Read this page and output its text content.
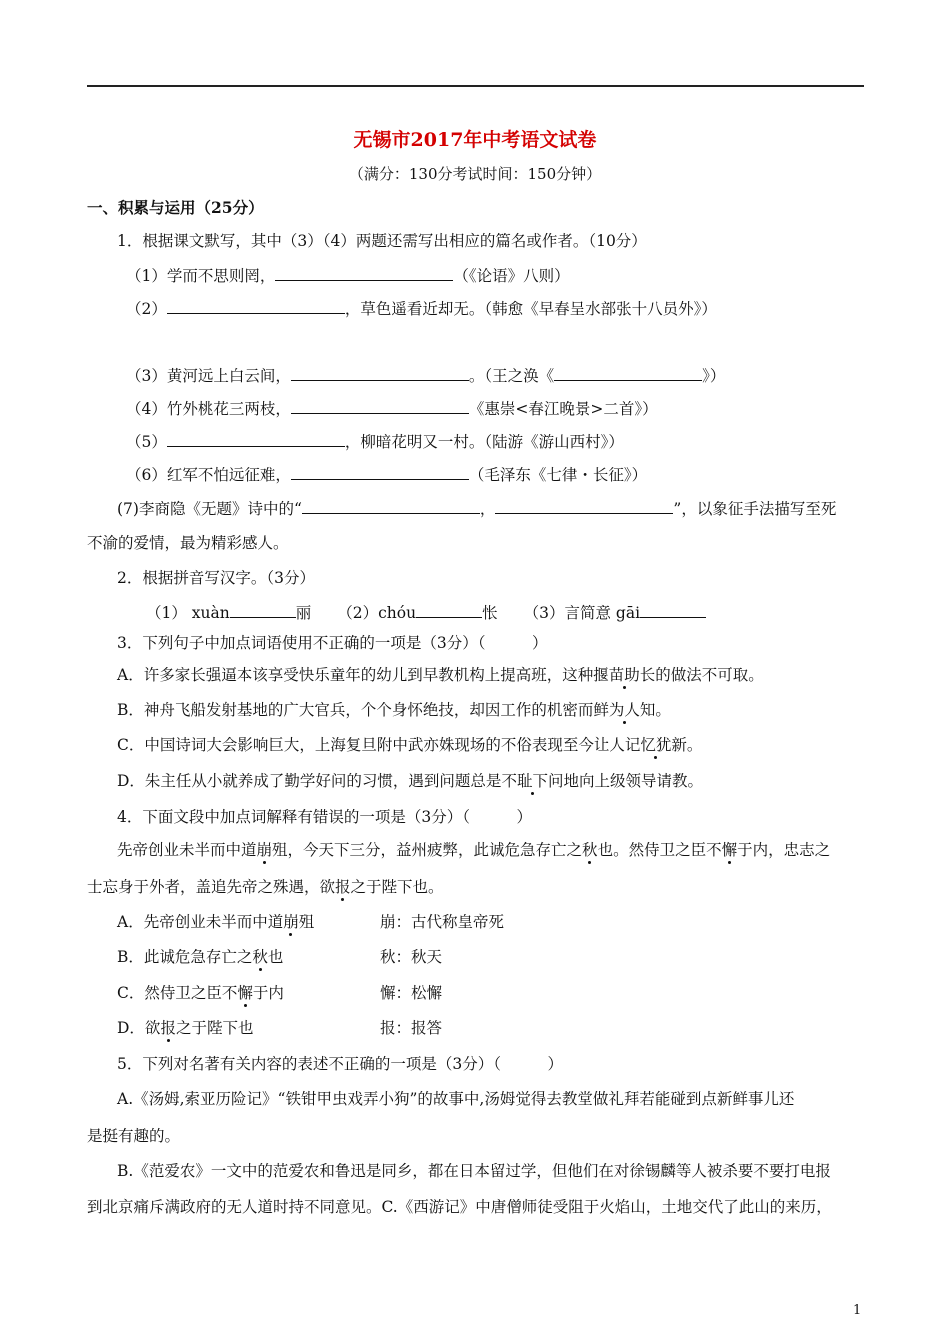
无锡市2017年中考语文试卷
（满分：130分考试时间：150分钟）
一、积累与运用（25分）
1．根据课文默写，其中（3）（4）两题还需写出相应的篇名或作者。（10分）
（1）学而不思则罔，	（《论语》八则）
（2）	，草色遥看近却无。（韩愈《早春呈水部张十八员外》）
（3）黄河远上白云间，	。（王之涣《	》）
（4）竹外桃花三两枝，	《惠崇<春江晚景>二首》）
（5）	，柳暗花明又一村。（陆游《游山西村》）
（6）红军不怕远征难，	（毛泽东《七律・长征》）
(7)李商隐《无题》诗中的“	，	”，以象征手法描写至死
不渝的爱情，最为精彩感人。
2．根据拼音写汉字。（3分）
（1） xuàn	丽 （2）chóu	怅 （3）言简意 gāi
3．下列句子中加点词语使用不正确的一项是（3分）（　　　）
A．许多家长强逼本该享受快乐童年的幼儿到早教机构上提高班，这种揠苗助长的做法不可取。
B．神舟飞船发射基地的广大官兵，个个身怀绝技，却因工作的机密而鲜为人知。
C．中国诗词大会影响巨大，上海复旦附中武亦姝现场的不俗表现至今让人记忆犹新。
D．朱主任从小就养成了勤学好问的习惯，遇到问题总是不耻下问地向上级领导请教。
4．下面文段中加点词解释有错误的一项是（3分）（　　　）
先帝创业未半而中道崩殂，今天下三分，益州疲弊，此诚危急存亡之秋也。然侍卫之臣不懈于内，忠志之
士忘身于外者，盖追先帝之殊遇，欲报之于陛下也。
A．先帝创业未半而中道崩殂	崩：古代称皇帝死
B．此诚危急存亡之秋也	秋：秋天
C．然侍卫之臣不懈于内	懈：松懈
D．欲报之于陛下也	报：报答
5．下列对名著有关内容的表述不正确的一项是（3分）（　　　）
A.《汤姆,索亚历险记》“铁钳甲虫戏弄小狗”的故事中,汤姆觉得去教堂做礼拜若能碰到点新鲜事儿还
是挺有趣的。
B.《范爱农》一文中的范爱农和鲁迅是同乡，都在日本留过学，但他们在对徐锡麟等人被杀要不要打电报
到北京痛斥满政府的无人道时持不同意见。C.《西游记》中唐僧师徒受阻于火焰山，土地交代了此山的来历，
1
